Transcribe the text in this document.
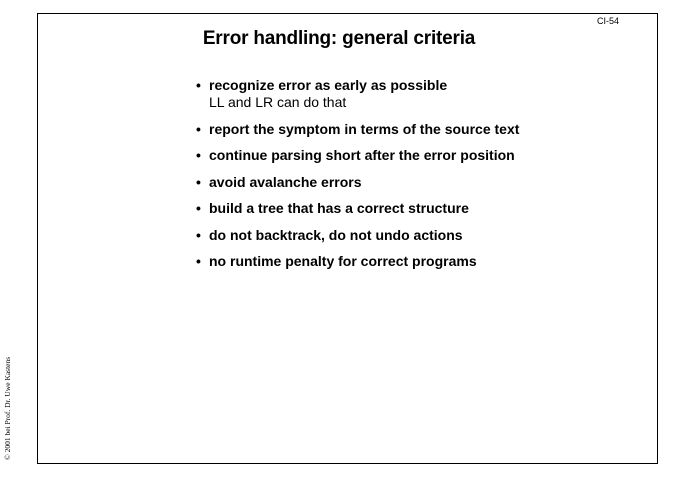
CI-54
Error handling: general criteria
• recognize error as early as possible
LL and LR can do that
• report the symptom in terms of the source text
• continue parsing short after the error position
• avoid avalanche errors
• build a tree that has a correct structure
• do not backtrack, do not undo actions
• no runtime penalty for correct programs
© 2001 bei Prof. Dr. Uwe Kastens
